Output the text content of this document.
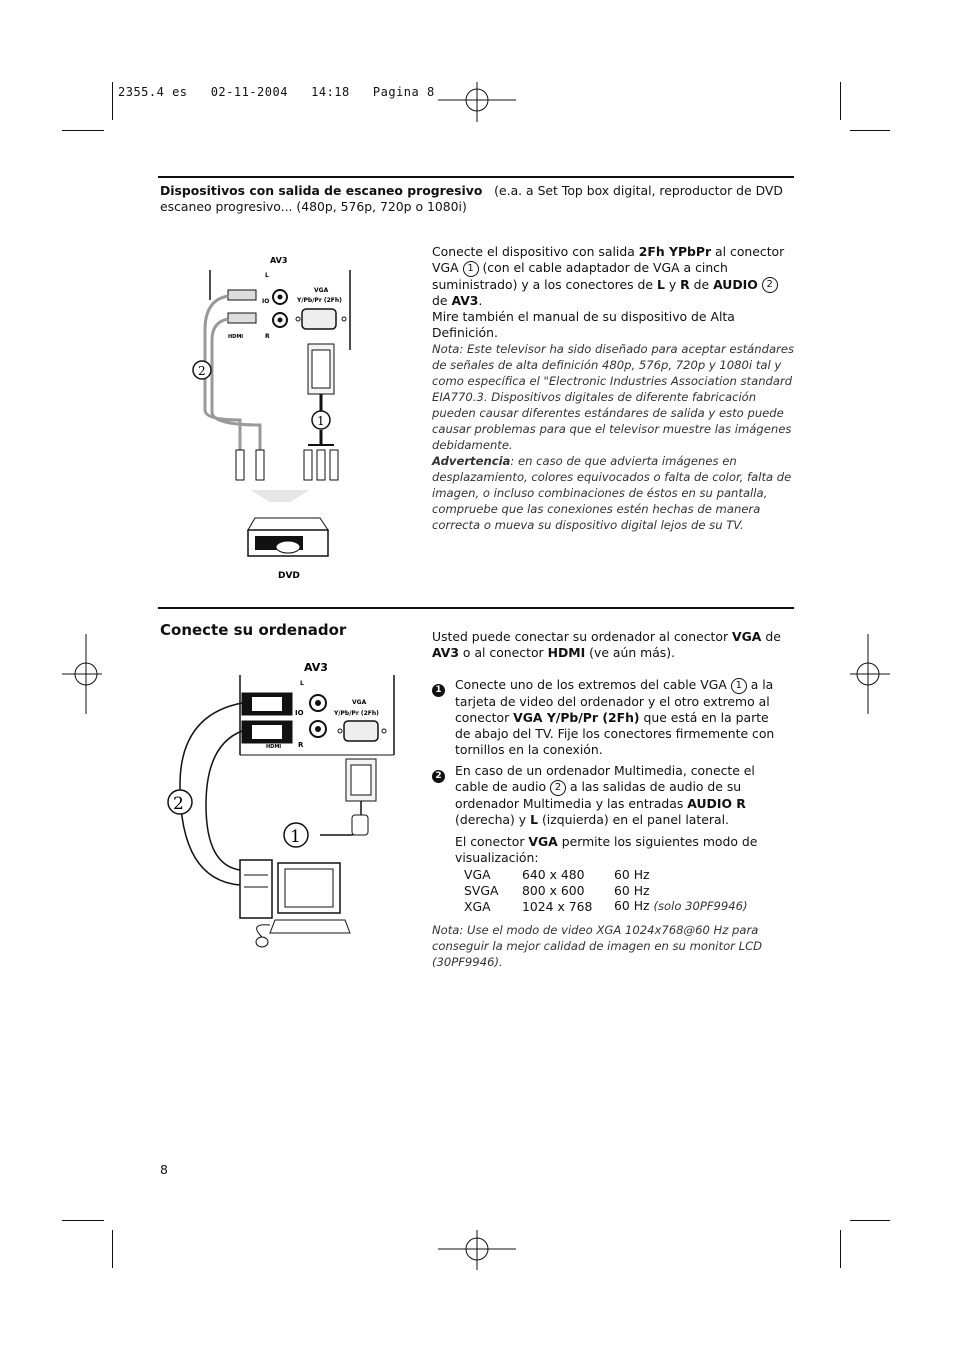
2355.4 es   02-11-2004   14:18   Pagina 8
Dispositivos con salida de escaneo progresivo (e.a. a Set Top box digital, reproductor de DVD
escaneo progresivo... (480p, 576p, 720p o 1080i)
AV3
L
IO
R
HDMI
VGA
Y/Pb/Pr (2Fh)
2
1
DVD
Conecte el dispositivo con salida 2Fh YPbPr al conector
VGA 1 (con el cable adaptador de VGA a cinch
suministrado) y a los conectores de L y R de AUDIO 2
de AV3.
Mire también el manual de su dispositivo de Alta Definición.
Nota: Este televisor ha sido diseñado para aceptar estándares de señales de alta definición 480p, 576p, 720p y 1080i tal y como específica el "Electronic Industries Association standard EIA770.3. Dispositivos digitales de diferente fabricación pueden causar diferentes estándares de salida y esto puede causar problemas para que el televisor muestre las imágenes debidamente.
Advertencia: en caso de que advierta imágenes en desplazamiento, colores equivocados o falta de color, falta de imagen, o incluso combinaciones de éstos en su pantalla, compruebe que las conexiones estén hechas de manera correcta o mueva su dispositivo digital lejos de su TV.
Conecte su ordenador
AV3
L
IO
R
HDMI
VGA
Y/Pb/Pr (2Fh)
2
1
Usted puede conectar su ordenador al conector VGA de
AV3 o al conector HDMI (ve aún más).
1 Conecte uno de los extremos del cable VGA 1 a la tarjeta de video del ordenador y el otro extremo al conector VGA Y/Pb/Pr (2Fh) que está en la parte de abajo del TV. Fije los conectores firmemente con tornillos en la conexión.
2 En caso de un ordenador Multimedia, conecte el cable de audio 2 a las salidas de audio de su ordenador Multimedia y las entradas AUDIO R (derecha) y L (izquierda) en el panel lateral.
El conector VGA permite los siguientes modo de visualización:
VGA	640 x 480	60 Hz
SVGA	800 x 600	60 Hz
XGA	1024 x 768	60 Hz (solo 30PF9946)
Nota: Use el modo de video XGA 1024x768@60 Hz para conseguir la mejor calidad de imagen en su monitor LCD (30PF9946).
8
